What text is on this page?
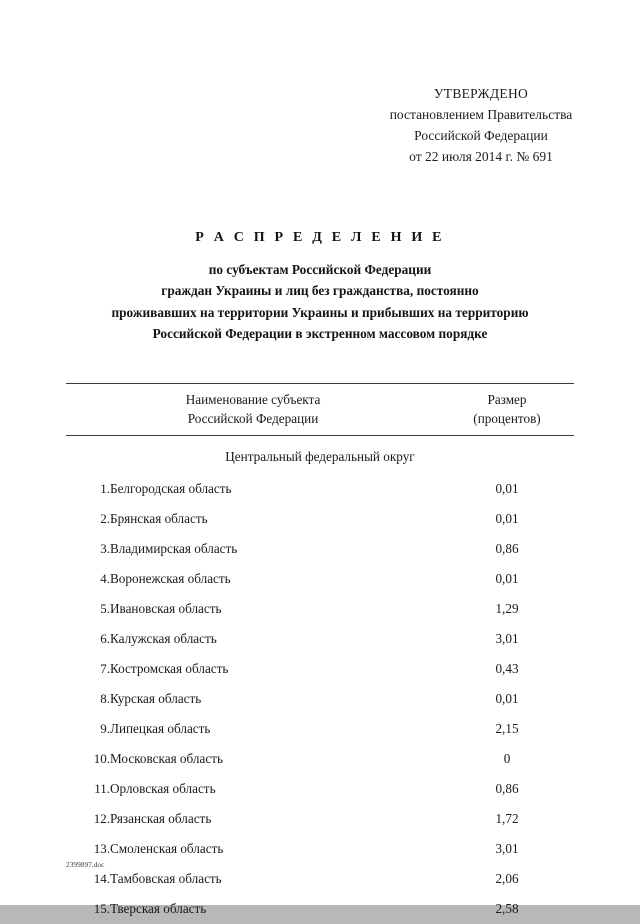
УТВЕРЖДЕНО
постановлением Правительства
Российской Федерации
от 22 июля 2014 г. № 691
Р А С П Р Е Д Е Л Е Н И Е
по субъектам Российской Федерации
граждан Украины и лиц без гражданства, постоянно
проживавших на территории Украины и прибывших на территорию
Российской Федерации в экстренном массовом порядке
Наименование субъекта
Российской Федерации

Размер
(процентов)

Центральный федеральный округ		
1.	Белгородская область	0,01
2.	Брянская область	0,01
3.	Владимирская область	0,86
4.	Воронежская область	0,01
5.	Ивановская область	1,29
6.	Калужская область	3,01
7.	Костромская область	0,43
8.	Курская область	0,01
9.	Липецкая область	2,15
10.	Московская область	0
11.	Орловская область	0,86
12.	Рязанская область	1,72
13.	Смоленская область	3,01
14.	Тамбовская область	2,06
15.	Тверская область	2,58
2399897.doc
